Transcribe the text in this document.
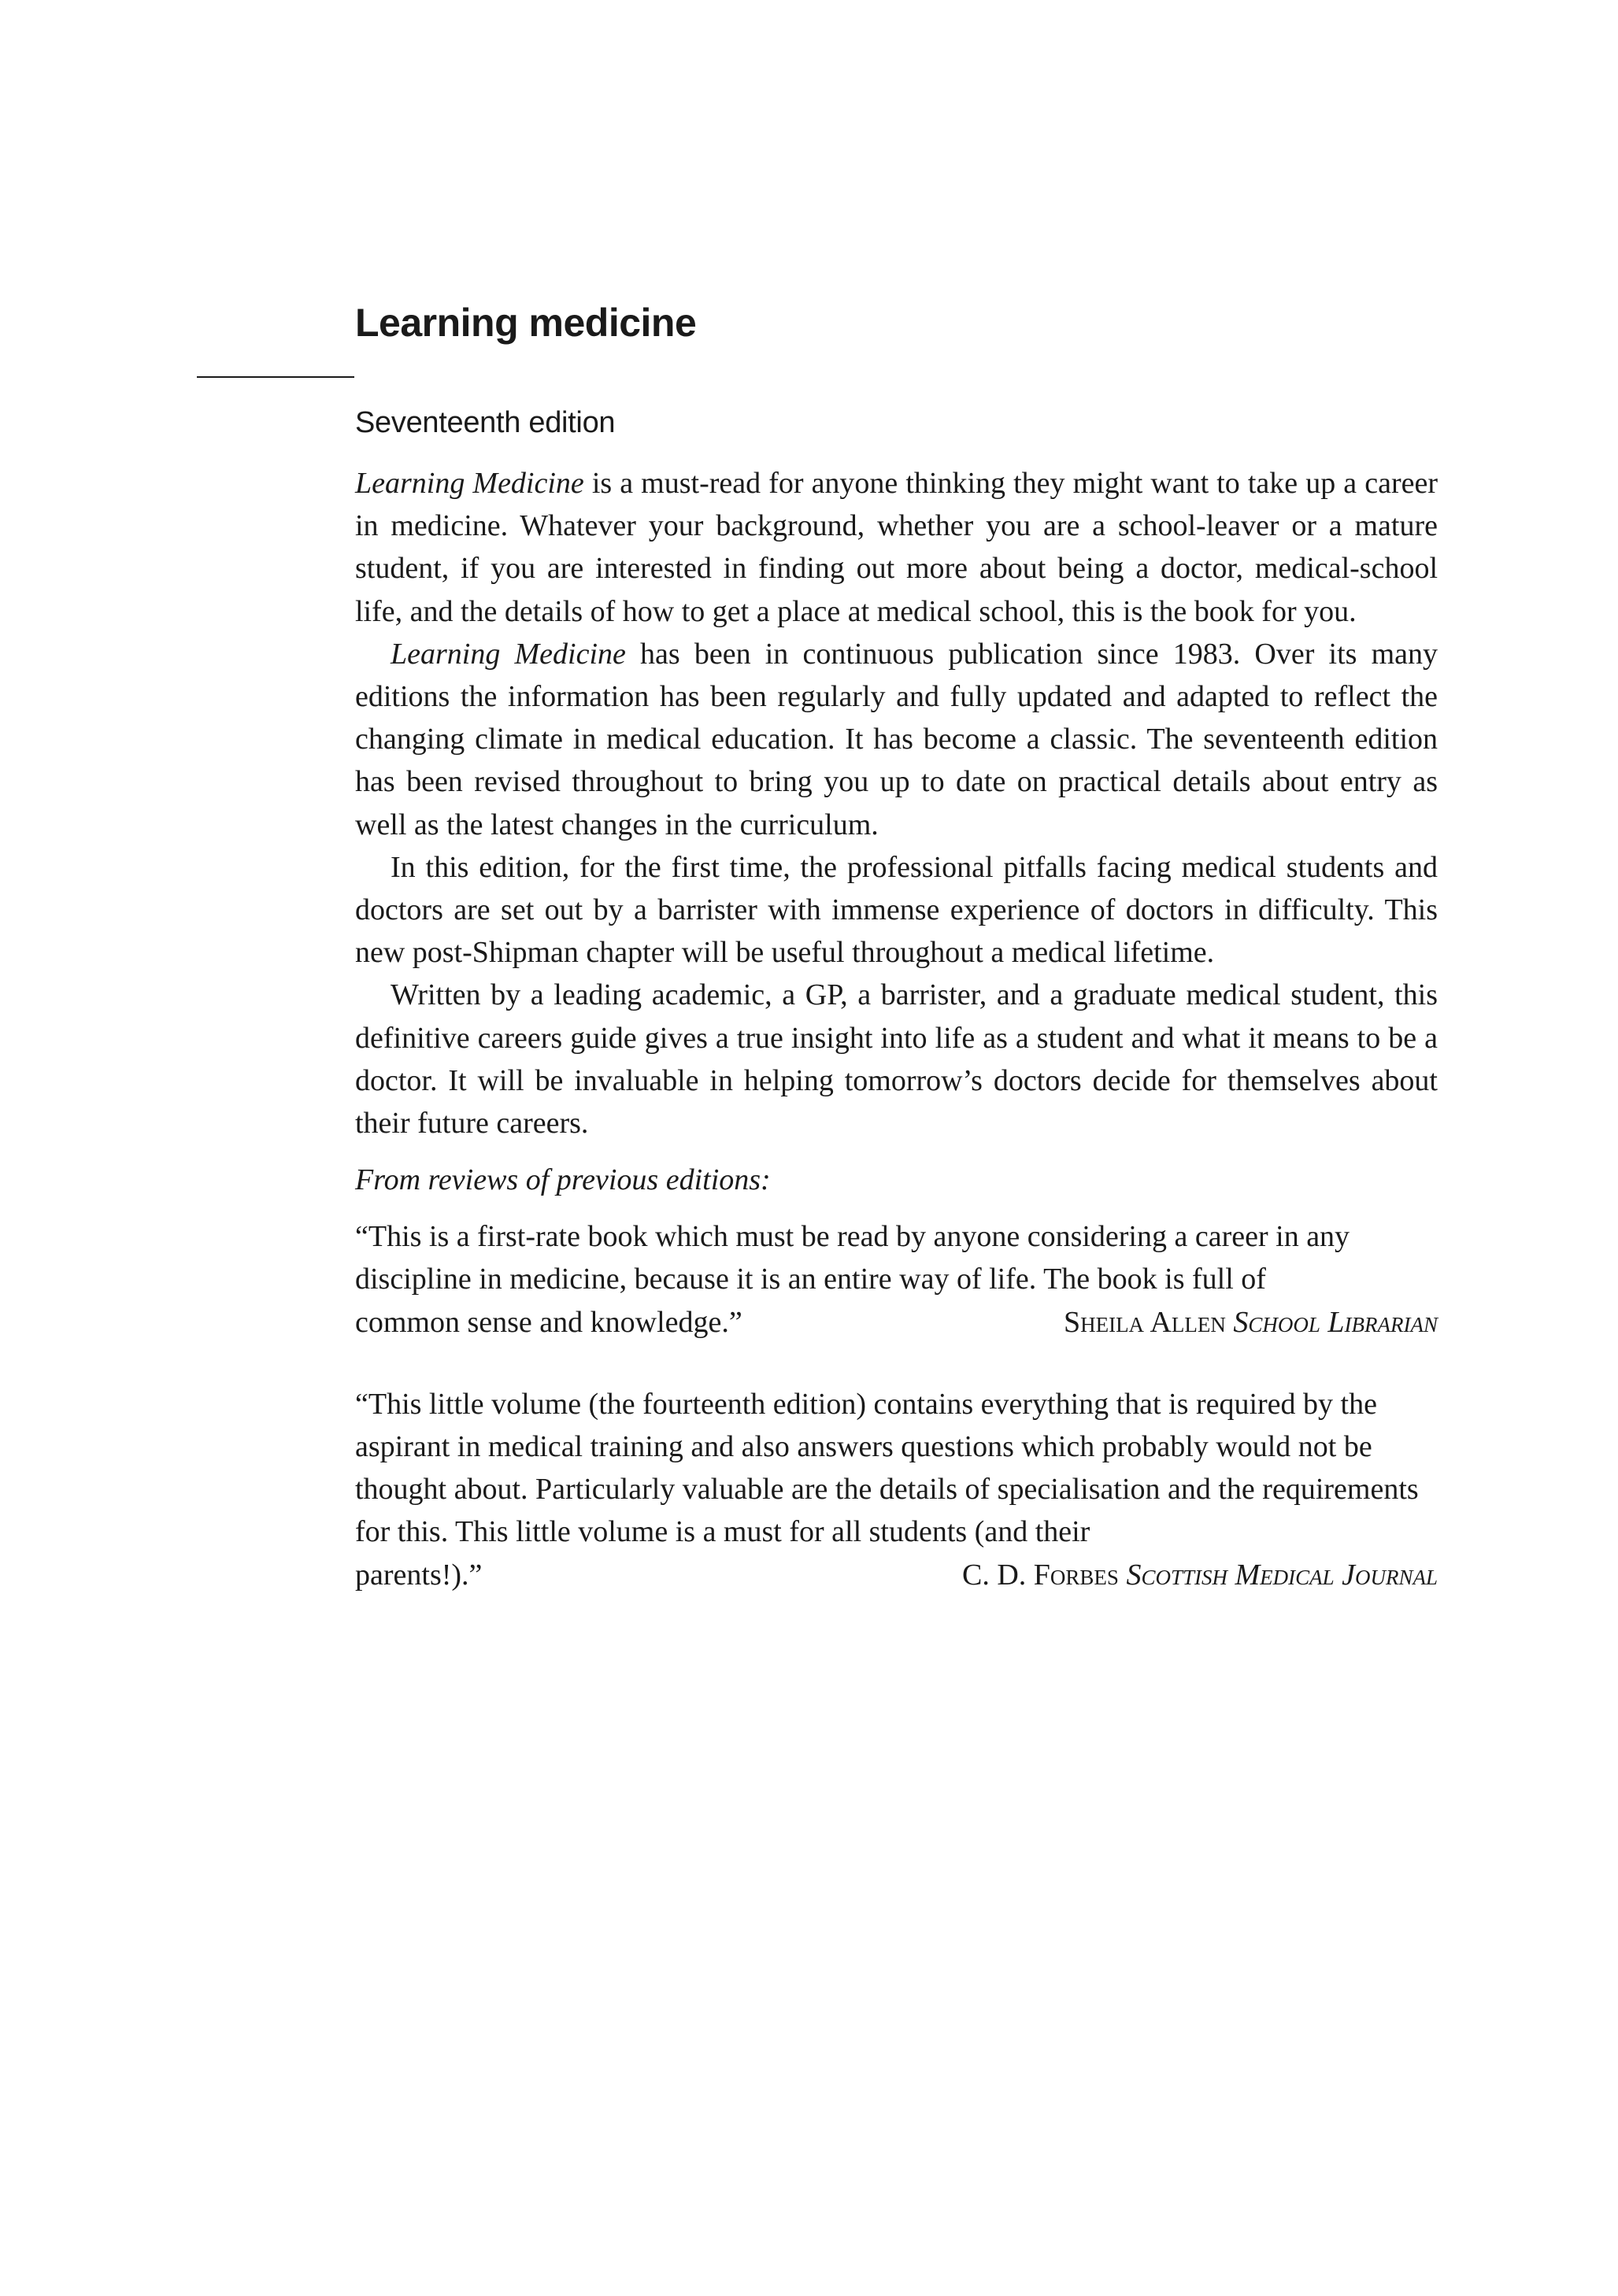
Learning medicine
Seventeenth edition

Learning Medicine is a must-read for anyone thinking they might want to take up a career in medicine. Whatever your background, whether you are a school-leaver or a mature student, if you are interested in finding out more about being a doctor, medical-school life, and the details of how to get a place at medical school, this is the book for you.

Learning Medicine has been in continuous publication since 1983. Over its many editions the information has been regularly and fully updated and adapted to reflect the changing climate in medical education. It has become a classic. The seventeenth edition has been revised throughout to bring you up to date on practical details about entry as well as the latest changes in the curriculum.

In this edition, for the first time, the professional pitfalls facing medical students and doctors are set out by a barrister with immense experience of doctors in difficulty. This new post-Shipman chapter will be useful throughout a medical lifetime.

Written by a leading academic, a GP, a barrister, and a graduate medical student, this definitive careers guide gives a true insight into life as a student and what it means to be a doctor. It will be invaluable in helping tomorrow’s doctors decide for themselves about their future careers.

From reviews of previous editions:

“This is a first-rate book which must be read by anyone considering a career in any discipline in medicine, because it is an entire way of life. The book is full of
common sense and knowledge.”	Sheila Allen School Librarian
“This little volume (the fourteenth edition) contains everything that is required by the aspirant in medical training and also answers questions which probably would not be thought about. Particularly valuable are the details of specialisation and the requirements for this. This little volume is a must for all students (and their
parents!).”	C. D. Forbes Scottish Medical Journal
